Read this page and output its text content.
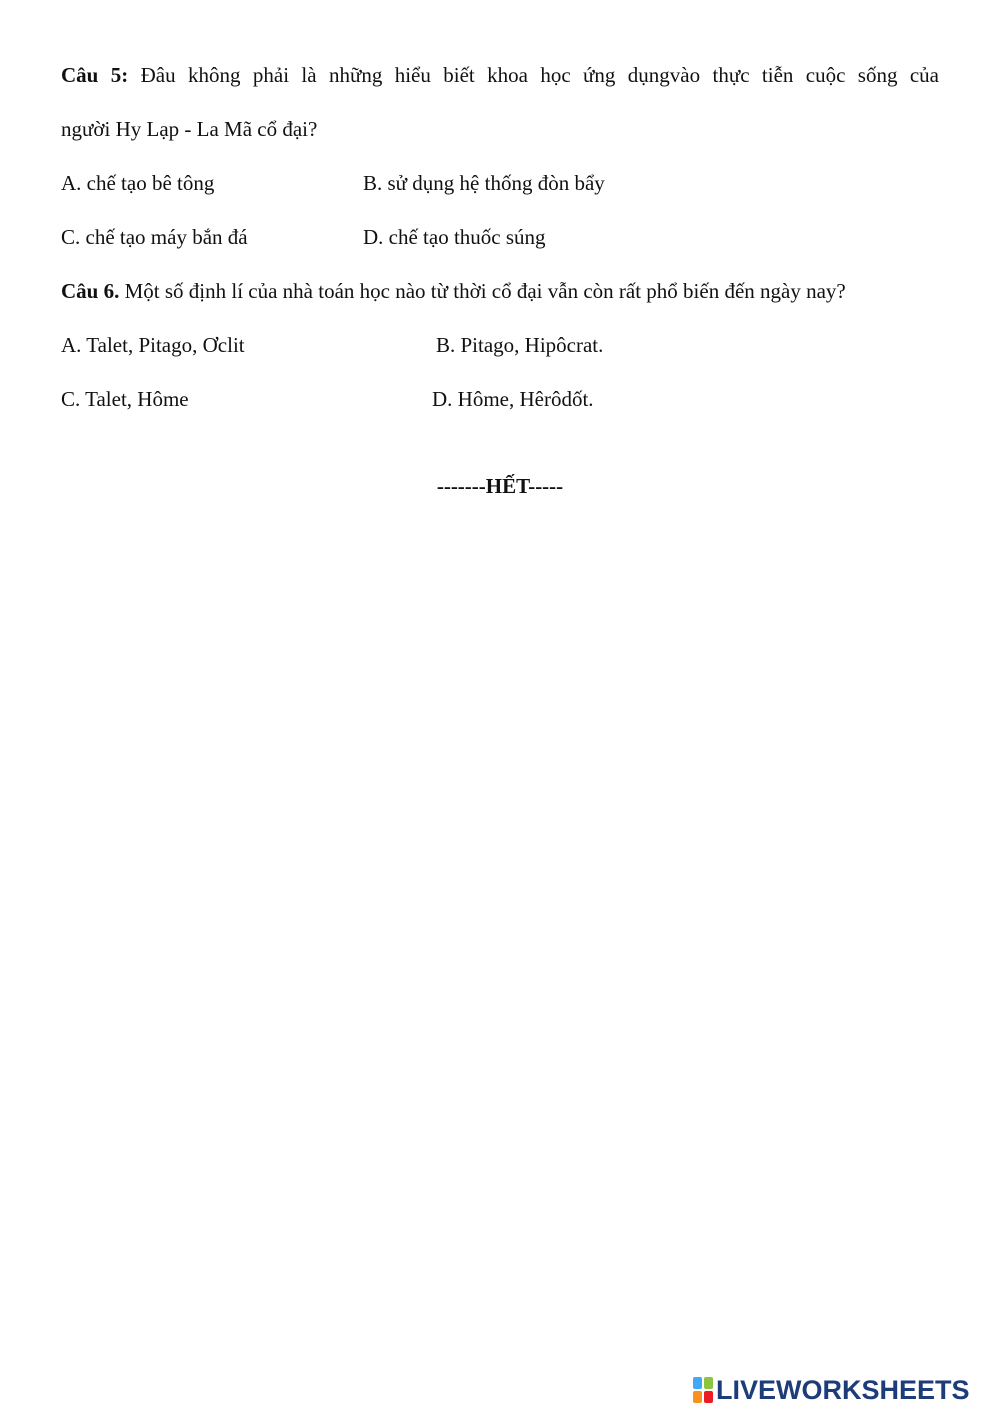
Câu 5: Đâu không phải là những hiểu biết khoa học ứng dụngvào thực tiễn cuộc sống của
người Hy Lạp - La Mã cổ đại?
A. chế tạo bê tông	B. sử dụng hệ thống đòn bẩy
C. chế tạo máy bắn đá	D. chế tạo thuốc súng
Câu 6. Một số định lí của nhà toán học nào từ thời cổ đại vẫn còn rất phổ biến đến ngày nay?
A. Talet, Pitago, Ơclit	B. Pitago, Hipôcrat.
C. Talet, Hôme	D. Hôme, Hêrôdốt.
-------HẾT-----
LIVEWORKSHEETS
